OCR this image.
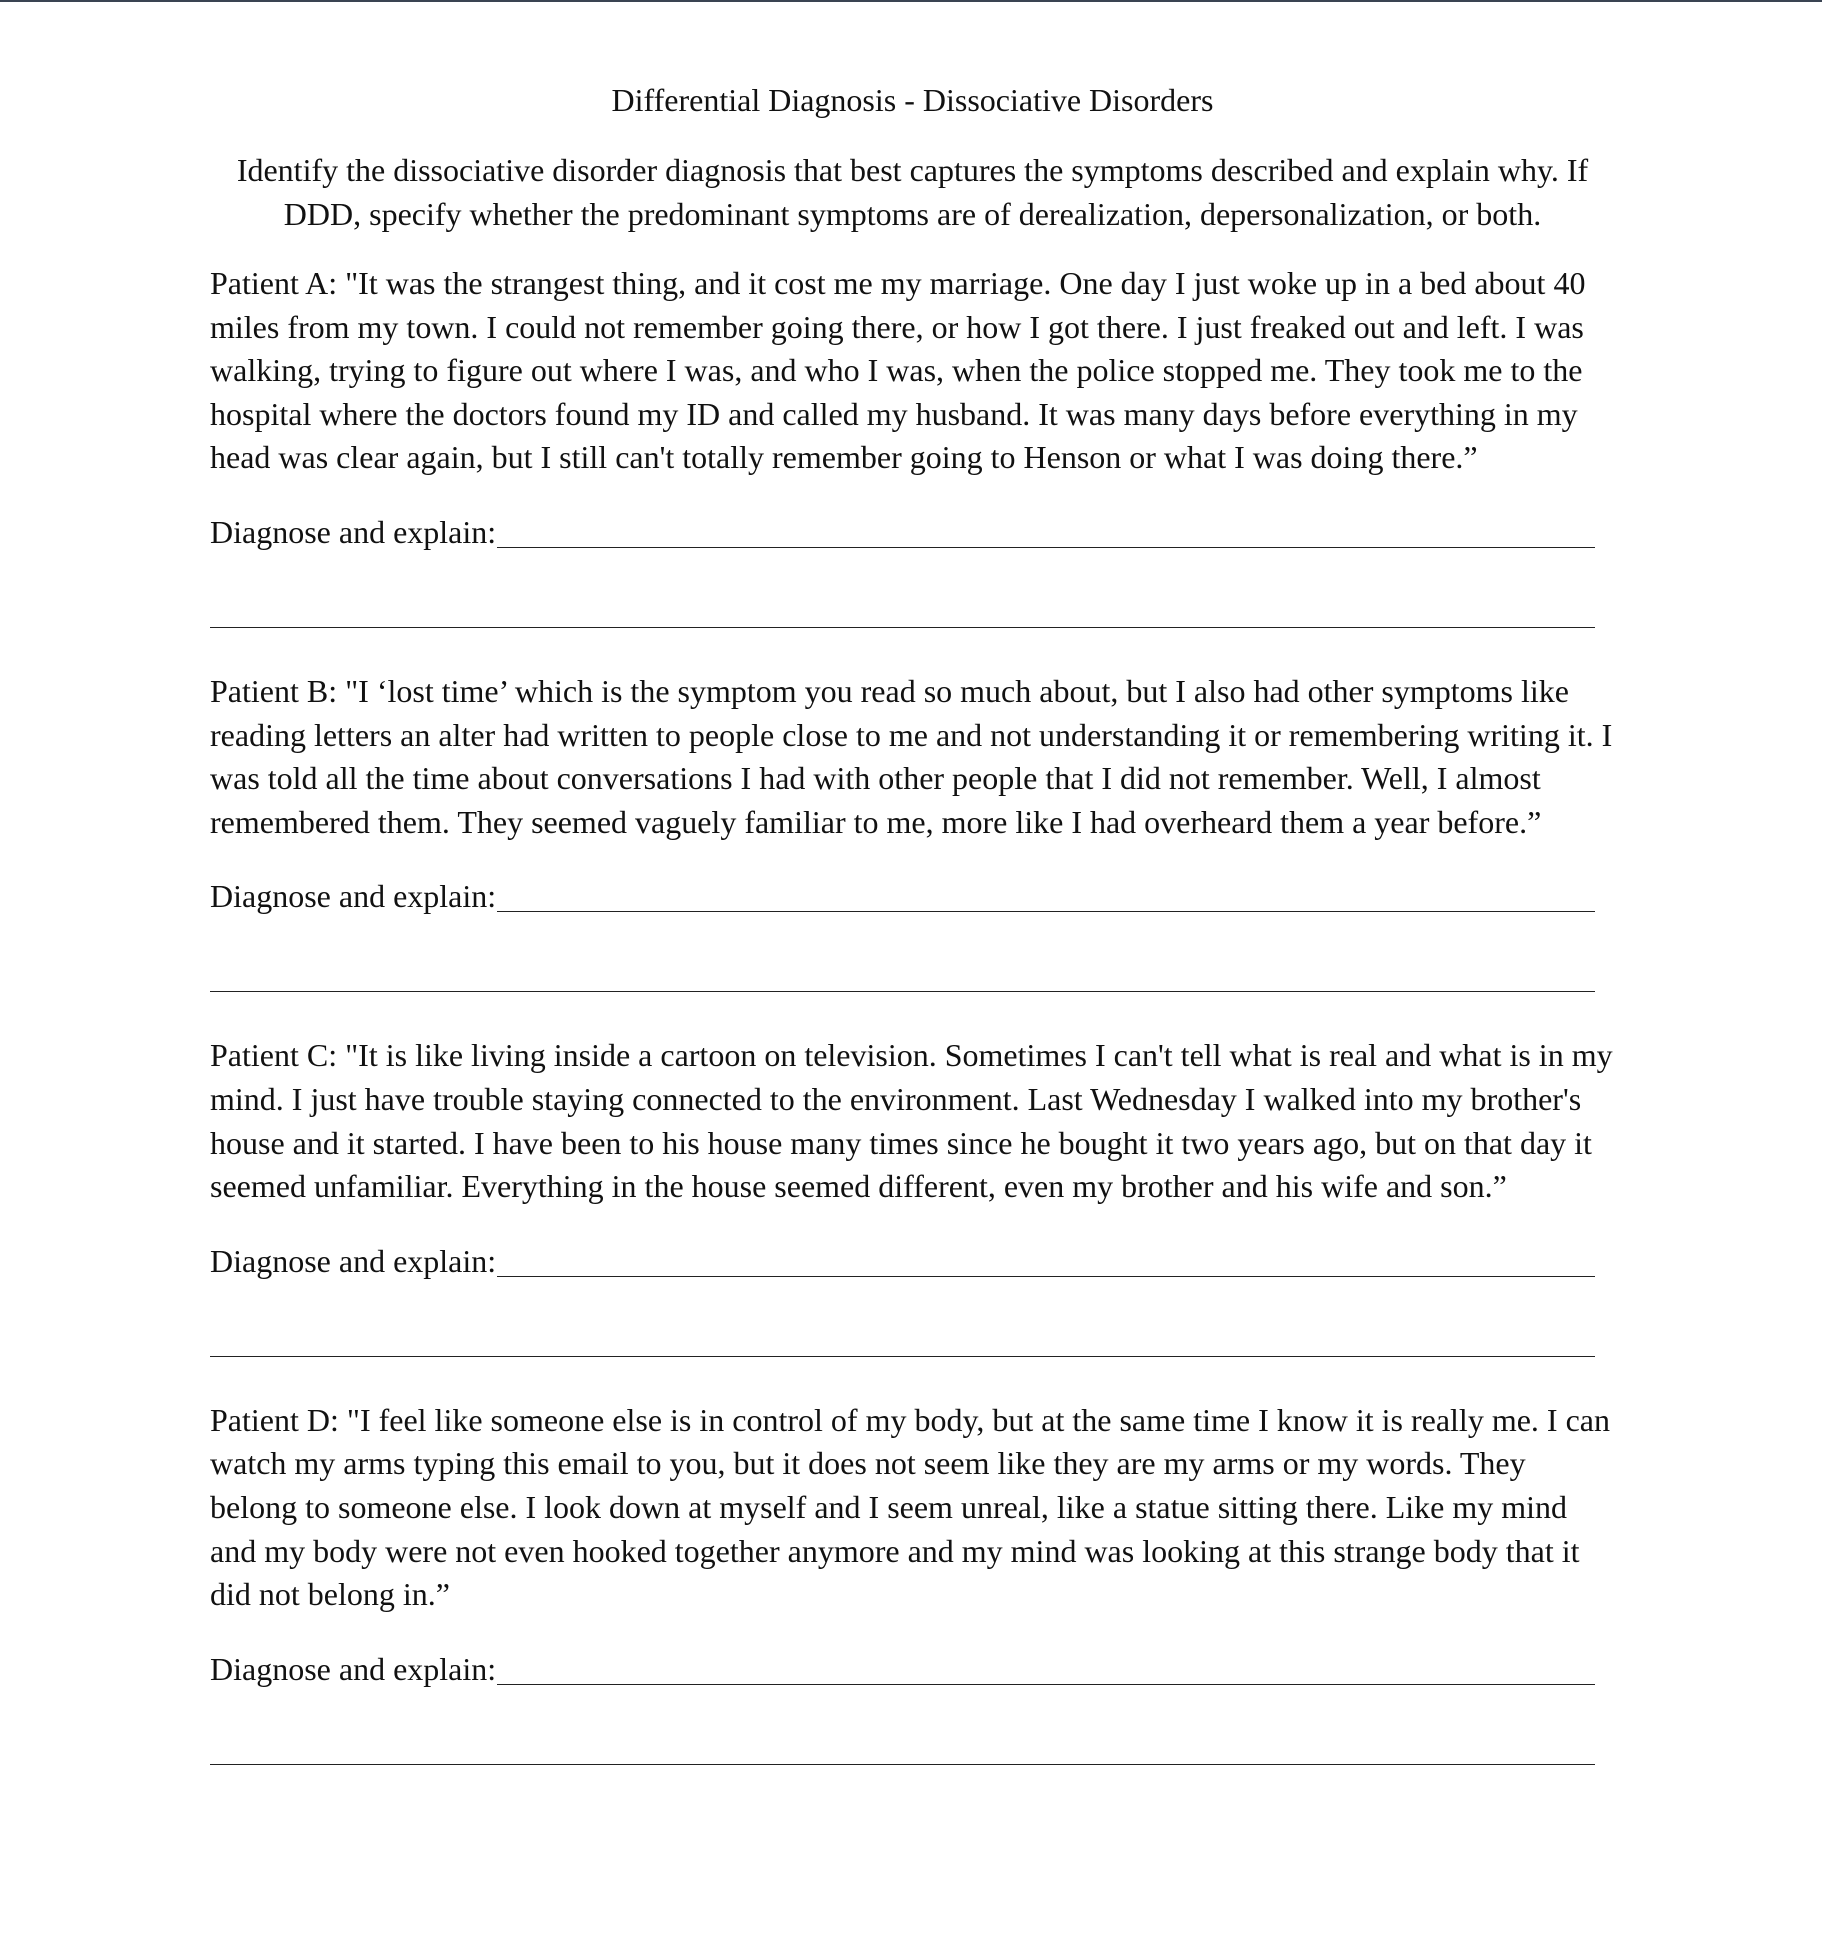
Differential Diagnosis - Dissociative Disorders
Identify the dissociative disorder diagnosis that best captures the symptoms described and explain why. If DDD, specify whether the predominant symptoms are of derealization, depersonalization, or both.

Patient A: "It was the strangest thing, and it cost me my marriage. One day I just woke up in a bed about 40 miles from my town. I could not remember going there, or how I got there. I just freaked out and left. I was walking, trying to figure out where I was, and who I was, when the police stopped me. They took me to the hospital where the doctors found my ID and called my husband. It was many days before everything in my head was clear again, but I still can't totally remember going to Henson or what I was doing there.”

Diagnose and explain:

Patient B: "I ‘lost time’ which is the symptom you read so much about, but I also had other symptoms like reading letters an alter had written to people close to me and not understanding it or remembering writing it. I was told all the time about conversations I had with other people that I did not remember. Well, I almost remembered them. They seemed vaguely familiar to me, more like I had overheard them a year before.”

Diagnose and explain:

Patient C: "It is like living inside a cartoon on television. Sometimes I can't tell what is real and what is in my mind. I just have trouble staying connected to the environment. Last Wednesday I walked into my brother's house and it started. I have been to his house many times since he bought it two years ago, but on that day it seemed unfamiliar. Everything in the house seemed different, even my brother and his wife and son.”

Diagnose and explain:

Patient D: "I feel like someone else is in control of my body, but at the same time I know it is really me. I can watch my arms typing this email to you, but it does not seem like they are my arms or my words. They belong to someone else. I look down at myself and I seem unreal, like a statue sitting there. Like my mind and my body were not even hooked together anymore and my mind was looking at this strange body that it did not belong in.”

Diagnose and explain:
